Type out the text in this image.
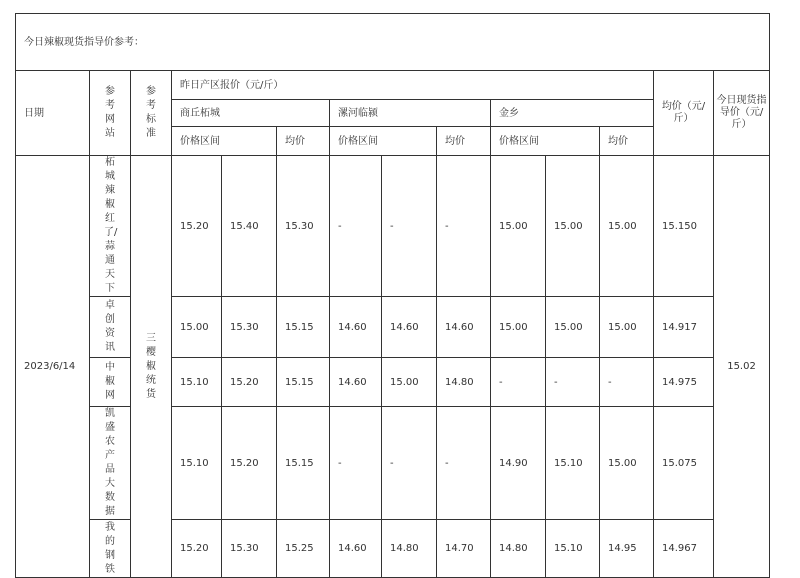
今日辣椒现货指导价参考：													
日期	参考网站	参考标准	昨日产区报价（元/斤）									均价（元/斤）	今日现货指导价（元/斤）
			商丘柘城			漯河临颍			金乡				
			价格区间		均价	价格区间		均价	价格区间		均价		
2023/6/14	柘城辣椒红了/蒜通天下	三樱椒统货	15.20	15.40	15.30	-	-	-	15.00	15.00	15.00	15.150	15.02
	卓创资讯		15.00	15.30	15.15	14.60	14.60	14.60	15.00	15.00	15.00	14.917	
	中椒网		15.10	15.20	15.15	14.60	15.00	14.80	-	-	-	14.975	
	凯盛农产品大数据		15.10	15.20	15.15	-	-	-	14.90	15.10	15.00	15.075	
	我的钢铁		15.20	15.30	15.25	14.60	14.80	14.70	14.80	15.10	14.95	14.967	
